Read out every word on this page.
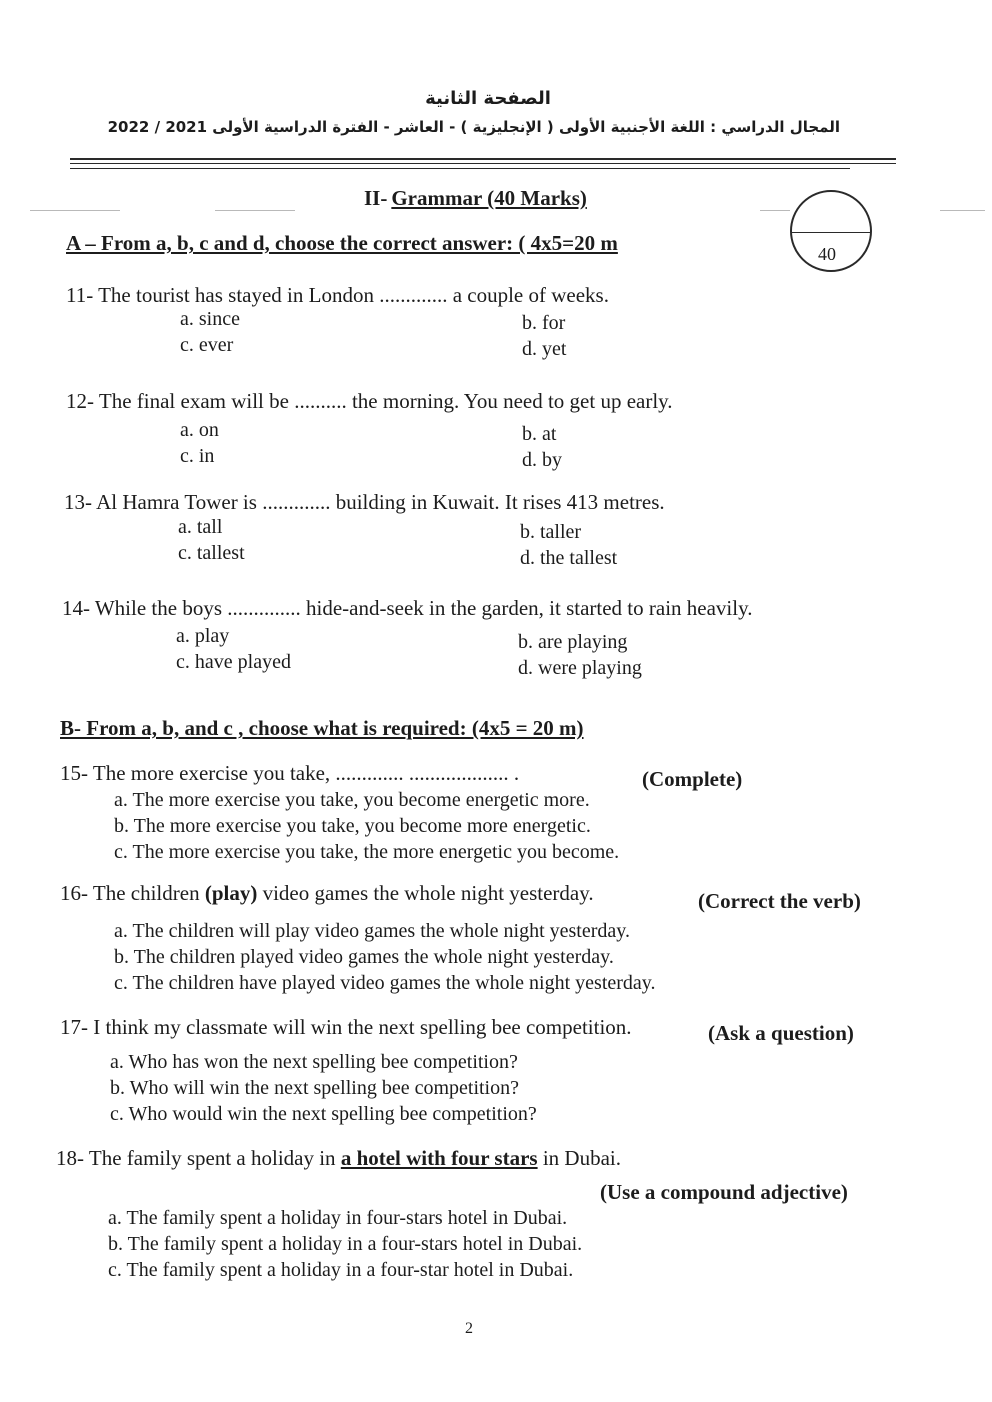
الصفحة الثانية
المجال الدراسي : اللغة الأجنبية الأولى ( الإنجليزية ) - العاشر - الفترة الدراسية الأولى 2021 / 2022
II- Grammar (40 Marks)
40
A – From a, b, c and d, choose the correct answer: ( 4x5=20 m
11- The tourist has stayed in London ............. a couple of weeks.
a. since	b. for
c. ever	d. yet
12- The final exam will be .......... the morning. You need to get up early.
a. on	b. at
c. in	d. by
13- Al Hamra Tower is ............. building in Kuwait. It rises 413 metres.
a. tall	b. taller
c. tallest	d. the tallest
14- While the boys .............. hide-and-seek in the garden, it started to rain heavily.
a. play	b. are playing
c. have played	d. were playing
B- From a, b, and c , choose what is required: (4x5 = 20 m)
15- The more exercise you take, ............. ................... .	(Complete)
a. The more exercise you take, you become energetic more.
b. The more exercise you take, you become more energetic.
c. The more exercise you take, the more energetic you become.
16- The children (play) video games the whole night yesterday.	(Correct the verb)
a. The children will play video games the whole night yesterday.
b. The children played video games the whole night yesterday.
c. The children have played video games the whole night yesterday.
17- I think my classmate will win the next spelling bee competition.	(Ask a question)
a. Who has won the next spelling bee competition?
b. Who will win the next spelling bee competition?
c. Who would win the next spelling bee competition?
18- The family spent a holiday in a hotel with four stars in Dubai.
(Use a compound adjective)
a. The family spent a holiday in four-stars hotel in Dubai.
b. The family spent a holiday in a four-stars hotel in Dubai.
c. The family spent a holiday in a four-star hotel in Dubai.
2
